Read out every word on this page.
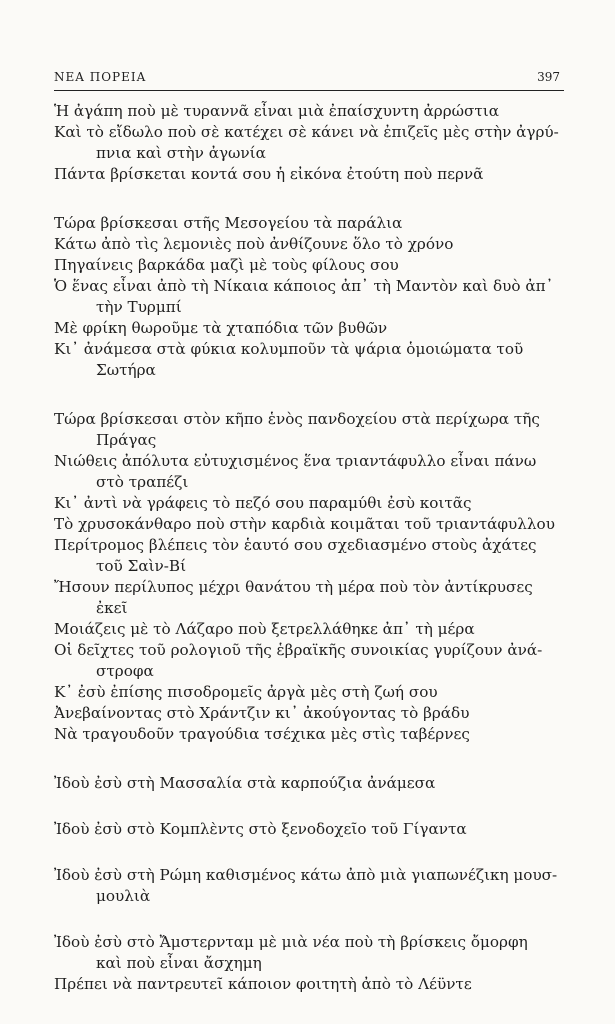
ΝΕΑ ΠΟΡΕΙΑ	397
Ἡ ἀγάπη ποὺ μὲ τυραννᾶ εἶναι μιὰ ἐπαίσχυντη ἀρρώστια
Καὶ τὸ εἴδωλο ποὺ σὲ κατέχει σὲ κάνει νὰ ἐπιζεῖς μὲς στὴν ἀγρύ-
πνια καὶ στὴν ἀγωνία
Πάντα βρίσκεται κοντά σου ἡ εἰκόνα ἐτούτη ποὺ περνᾶ
Τώρα βρίσκεσαι στῆς Μεσογείου τὰ παράλια
Κάτω ἀπὸ τὶς λεμονιὲς ποὺ ἀνθίζουνε ὅλο τὸ χρόνο
Πηγαίνεις βαρκάδα μαζὶ μὲ τοὺς φίλους σου
Ὁ ἕνας εἶναι ἀπὸ τὴ Νίκαια κάποιος ἀπ᾽ τὴ Μαντὸν καὶ δυὸ ἀπ᾽
τὴν Τυρμπί
Μὲ φρίκη θωροῦμε τὰ χταπόδια τῶν βυθῶν
Κι᾽ ἀνάμεσα στὰ φύκια κολυμποῦν τὰ ψάρια ὁμοιώματα τοῦ
Σωτήρα
Τώρα βρίσκεσαι στὸν κῆπο ἑνὸς πανδοχείου στὰ περίχωρα τῆς
Πράγας
Νιώθεις ἀπόλυτα εὐτυχισμένος ἕνα τριαντάφυλλο εἶναι πάνω
στὸ τραπέζι
Κι᾽ ἀντὶ νὰ γράφεις τὸ πεζό σου παραμύθι ἐσὺ κοιτᾶς
Τὸ χρυσοκάνθαρο ποὺ στὴν καρδιὰ κοιμᾶται τοῦ τριαντάφυλλου
Περίτρομος βλέπεις τὸν ἑαυτό σου σχεδιασμένο στοὺς ἀχάτες
τοῦ Σαὶν-Βί
Ἤσουν περίλυπος μέχρι θανάτου τὴ μέρα ποὺ τὸν ἀντίκρυσες
ἐκεῖ
Μοιάζεις μὲ τὸ Λάζαρο ποὺ ξετρελλάθηκε ἀπ᾽ τὴ μέρα
Οἱ δεῖχτες τοῦ ρολογιοῦ τῆς ἑβραϊκῆς συνοικίας γυρίζουν ἀνά-
στροφα
Κ᾽ ἐσὺ ἐπίσης πισοδρομεῖς ἀργὰ μὲς στὴ ζωή σου
Ἀνεβαίνοντας στὸ Χράντζιν κι᾽ ἀκούγοντας τὸ βράδυ
Νὰ τραγουδοῦν τραγούδια τσέχικα μὲς στὶς ταβέρνες
Ἰδοὺ ἐσὺ στὴ Μασσαλία στὰ καρπούζια ἀνάμεσα
Ἰδοὺ ἐσὺ στὸ Κομπλὲντς στὸ ξενοδοχεῖο τοῦ Γίγαντα
Ἰδοὺ ἐσὺ στὴ Ρώμη καθισμένος κάτω ἀπὸ μιὰ γιαπωνέζικη μουσ-
μουλιὰ
Ἰδοὺ ἐσὺ στὸ Ἄμστερνταμ μὲ μιὰ νέα ποὺ τὴ βρίσκεις ὄμορφη
καὶ ποὺ εἶναι ἄσχημη
Πρέπει νὰ παντρευτεῖ κάποιον φοιτητὴ ἀπὸ τὸ Λέϋντε
